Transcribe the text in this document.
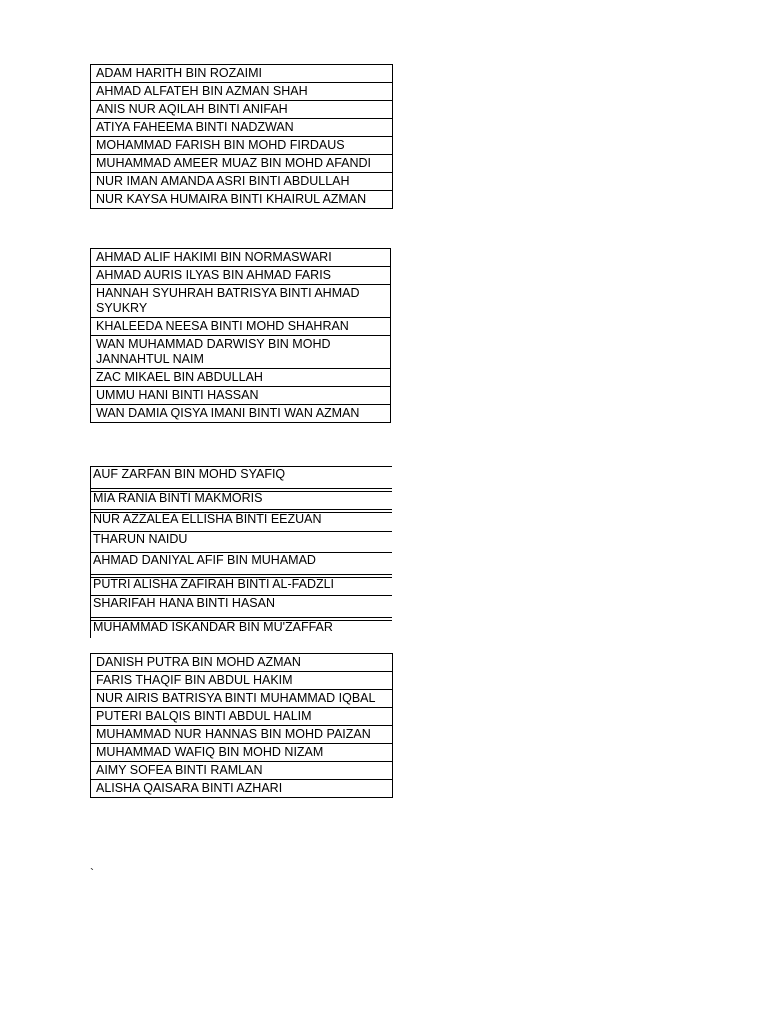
ADAM HARITH BIN ROZAIMI
AHMAD ALFATEH BIN AZMAN SHAH
ANIS NUR AQILAH BINTI ANIFAH
ATIYA FAHEEMA BINTI NADZWAN
MOHAMMAD FARISH BIN MOHD FIRDAUS
MUHAMMAD AMEER MUAZ BIN MOHD AFANDI
NUR IMAN AMANDA ASRI BINTI ABDULLAH
NUR KAYSA HUMAIRA BINTI KHAIRUL AZMAN
AHMAD ALIF HAKIMI BIN NORMASWARI
AHMAD AURIS ILYAS BIN AHMAD FARIS
HANNAH SYUHRAH BATRISYA BINTI AHMAD SYUKRY
KHALEEDA NEESA BINTI MOHD SHAHRAN
WAN MUHAMMAD DARWISY BIN MOHD JANNAHTUL NAIM
ZAC MIKAEL BIN ABDULLAH
UMMU HANI BINTI HASSAN
WAN DAMIA QISYA IMANI BINTI WAN AZMAN
AUF ZARFAN BIN MOHD SYAFIQ
MIA RANIA BINTI MAKMORIS
NUR AZZALEA ELLISHA BINTI EEZUAN
THARUN NAIDU
AHMAD DANIYAL AFIF BIN MUHAMAD
PUTRI ALISHA ZAFIRAH BINTI AL-FADZLI
SHARIFAH HANA BINTI HASAN
MUHAMMAD ISKANDAR BIN MU'ZAFFAR
DANISH PUTRA BIN MOHD AZMAN
FARIS THAQIF BIN ABDUL HAKIM
NUR AIRIS BATRISYA BINTI MUHAMMAD IQBAL
PUTERI BALQIS BINTI ABDUL HALIM
MUHAMMAD NUR HANNAS BIN MOHD PAIZAN
MUHAMMAD WAFIQ BIN MOHD NIZAM
AIMY SOFEA BINTI RAMLAN
ALISHA QAISARA BINTI AZHARI
`
